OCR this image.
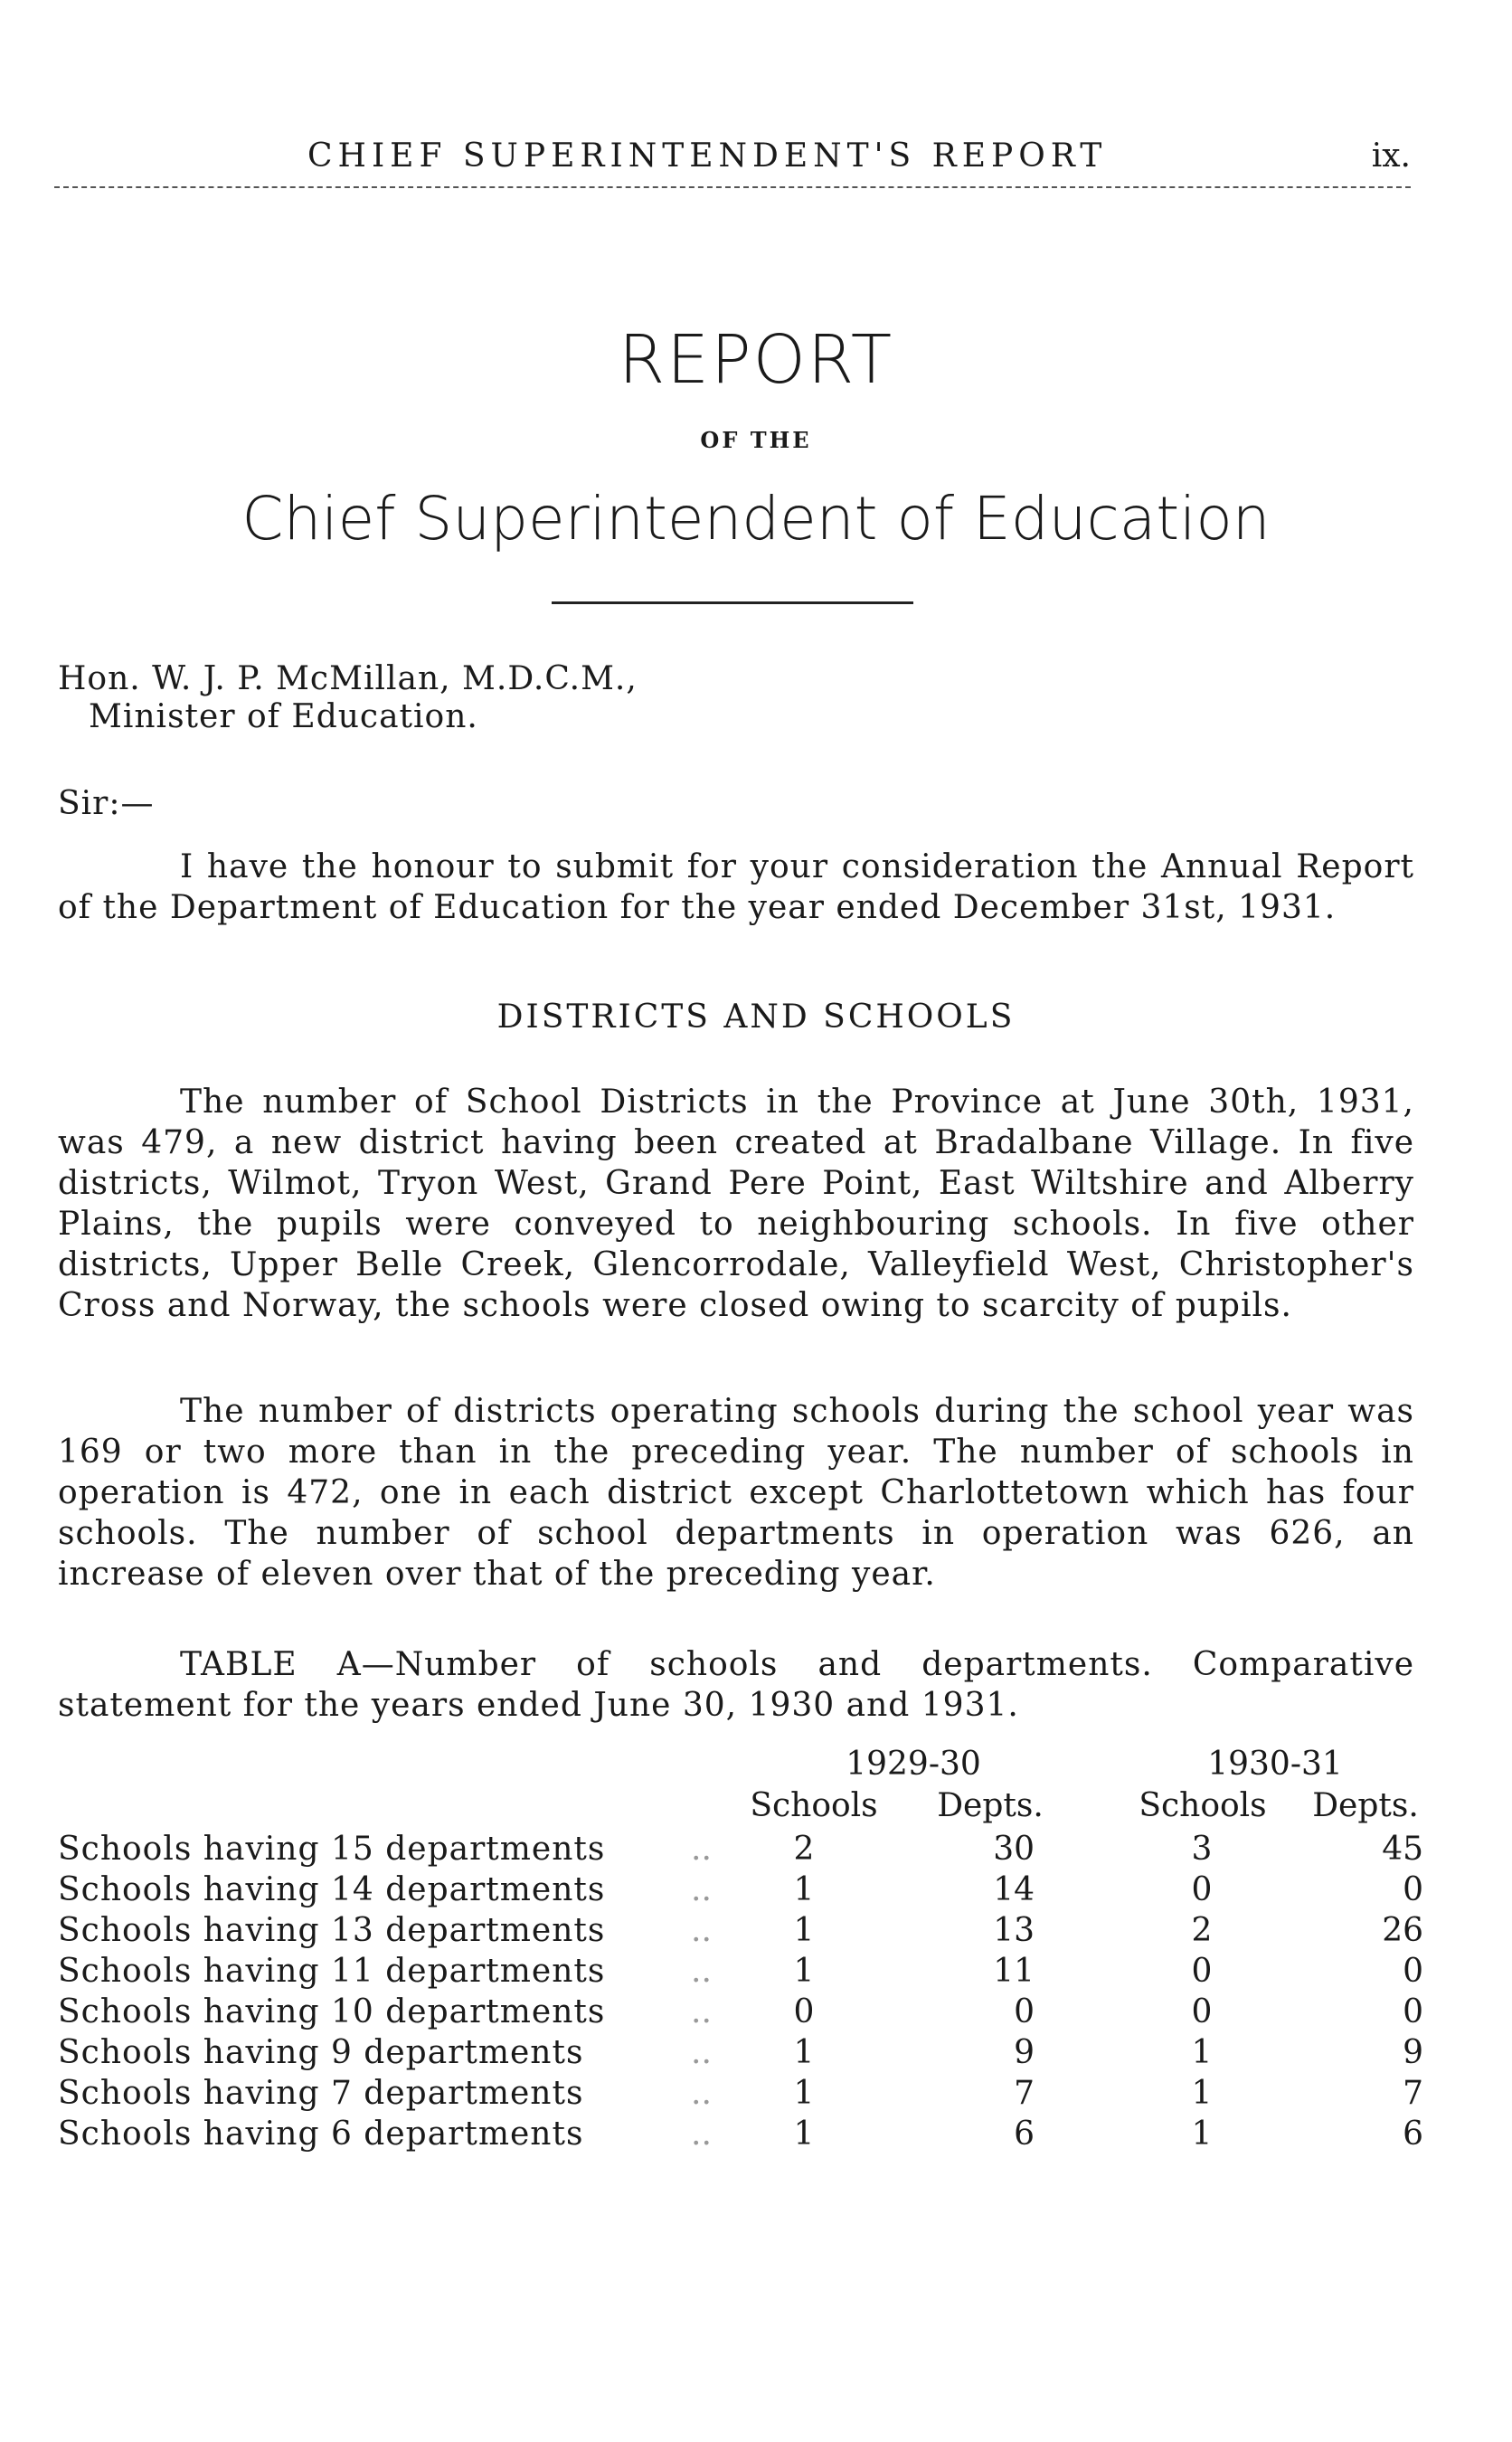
CHIEF SUPERINTENDENT'S REPORT	ix.
REPORT
OF THE
Chief Superintendent of Education
Hon. W. J. P. McMillan, M.D.C.M.,
Minister of Education.
Sir:—
I have the honour to submit for your consideration the Annual Report of the Department of Education for the year ended December 31st, 1931.
DISTRICTS AND SCHOOLS
The number of School Districts in the Province at June 30th, 1931, was 479, a new district having been created at Bradalbane Village. In five districts, Wilmot, Tryon West, Grand Pere Point, East Wiltshire and Alberry Plains, the pupils were conveyed to neighbouring schools. In five other districts, Upper Belle Creek, Glencorrodale, Valleyfield West, Christopher's Cross and Norway, the schools were closed owing to scarcity of pupils.
The number of districts operating schools during the school year was 169 or two more than in the preceding year. The number of schools in operation is 472, one in each district except Charlottetown which has four schools. The number of school departments in operation was 626, an increase of eleven over that of the preceding year.
TABLE A—Number of schools and departments. Comparative statement for the years ended June 30, 1930 and 1931.
1929-30	1930-31
Schools	Depts.	Schools	Depts.
Schools having 15 departments	..	2	30	3	45
Schools having 14 departments	..	1	14	0	0
Schools having 13 departments	..	1	13	2	26
Schools having 11 departments	..	1	11	0	0
Schools having 10 departments	..	0	0	0	0
Schools having 9 departments	..	1	9	1	9
Schools having 7 departments	..	1	7	1	7
Schools having 6 departments	..	1	6	1	6
